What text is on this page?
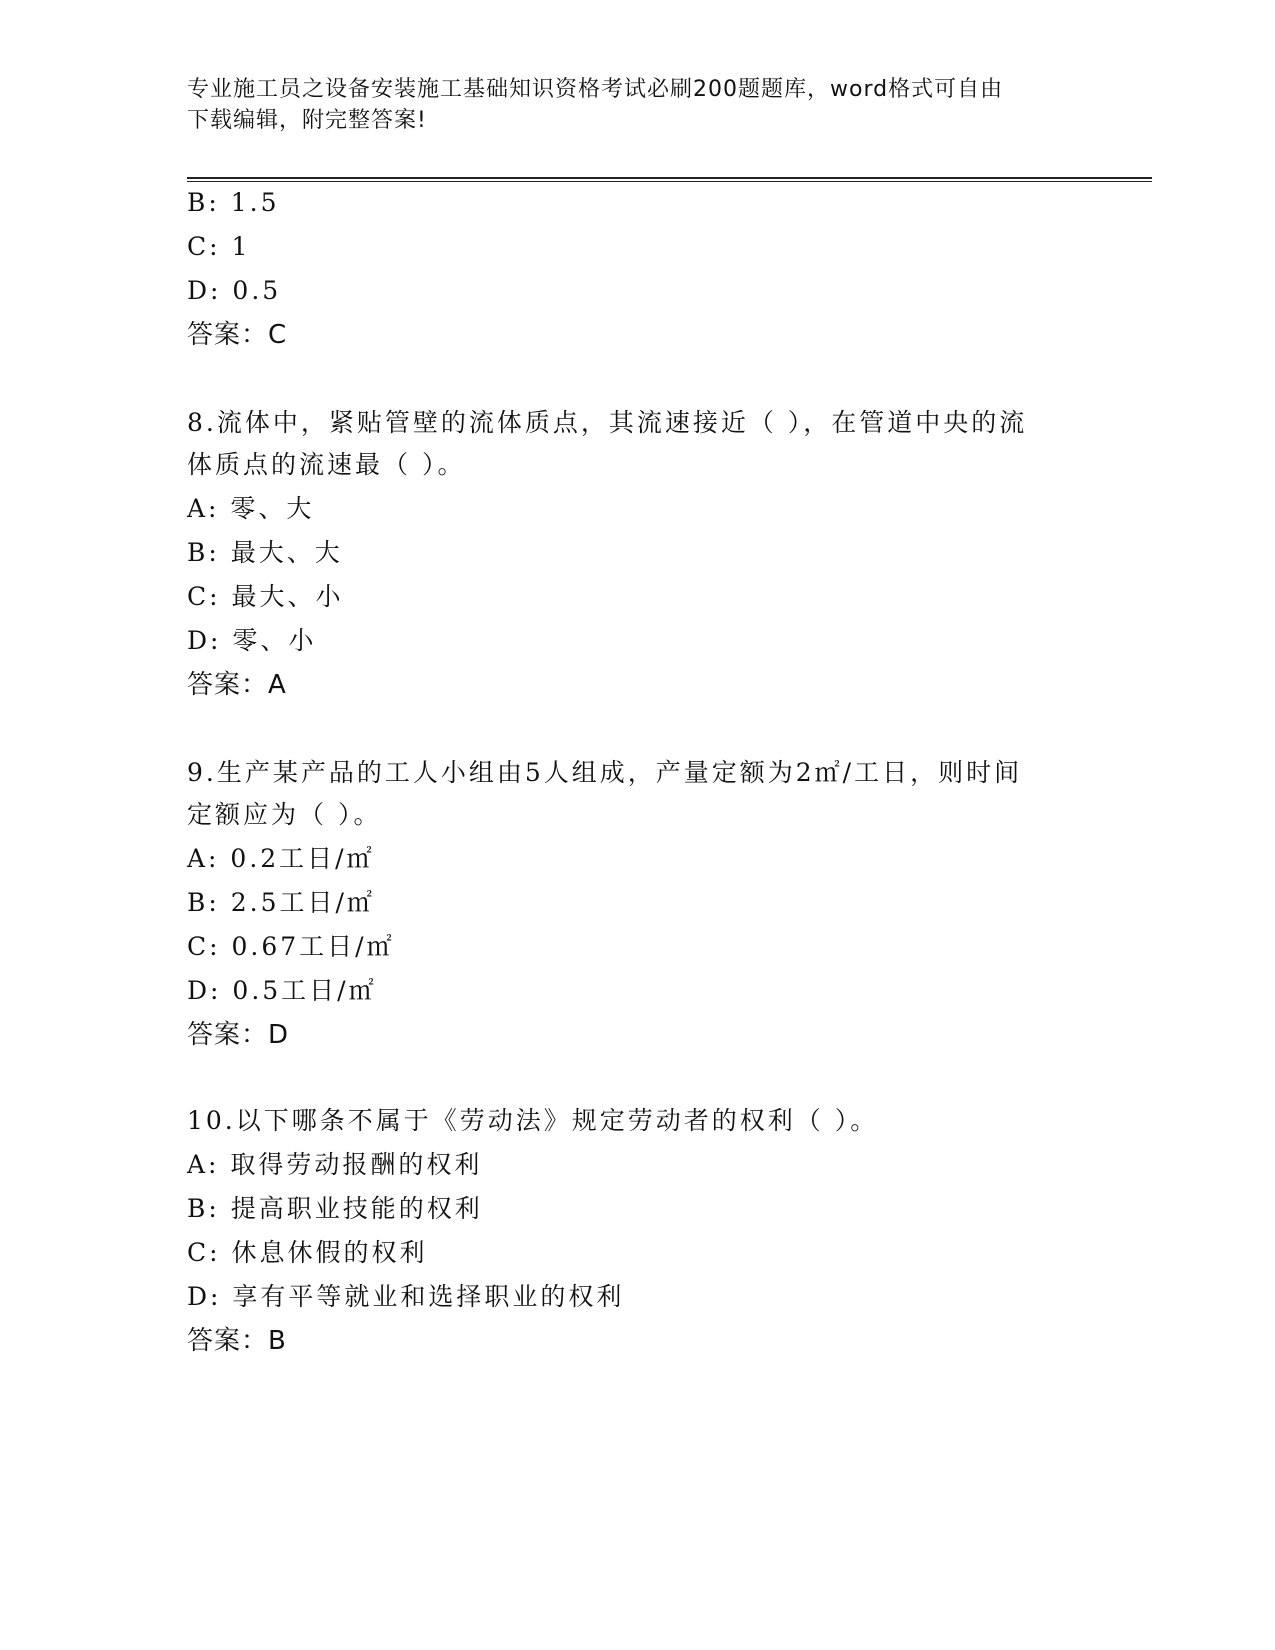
专业施工员之设备安装施工基础知识资格考试必刷200题题库，word格式可自由
下载编辑，附完整答案!
B: 1.5
C: 1
D: 0.5
答案：C
8.流体中，紧贴管壁的流体质点，其流速接近（ ），在管道中央的流
体质点的流速最（ ）。
A: 零、大
B: 最大、大
C: 最大、小
D: 零、小
答案：A
9.生产某产品的工人小组由5人组成，产量定额为2㎡/工日，则时间
定额应为（ ）。
A: 0.2工日/㎡
B: 2.5工日/㎡
C: 0.67工日/㎡
D: 0.5工日/㎡
答案：D
10.以下哪条不属于《劳动法》规定劳动者的权利（ ）。
A: 取得劳动报酬的权利
B: 提高职业技能的权利
C: 休息休假的权利
D: 享有平等就业和选择职业的权利
答案：B
